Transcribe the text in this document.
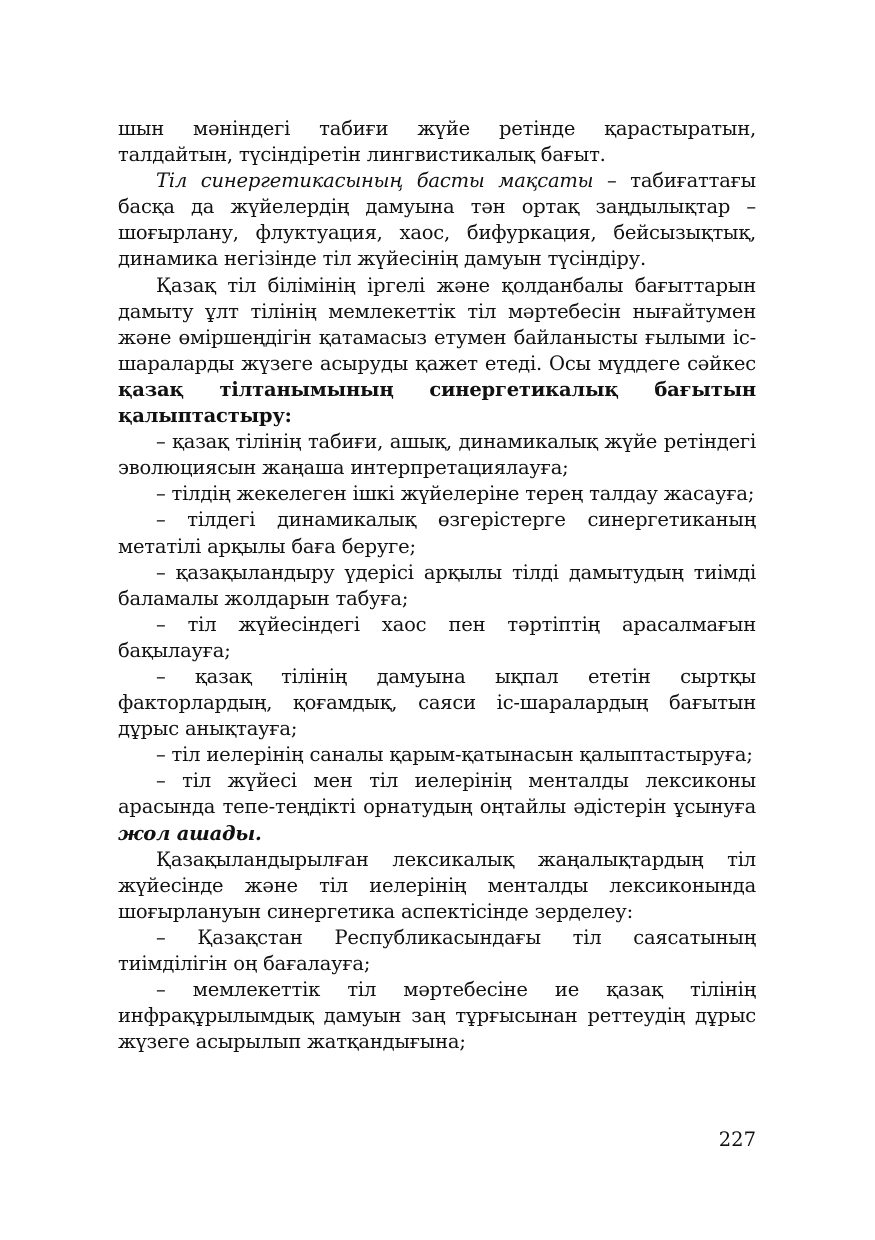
шын мәніндегі табиғи жүйе ретінде қарастыратын, талдайтын, түсіндіретін лингвистикалық бағыт.

Тіл синергетикасының басты мақсаты – табиғаттағы басқа да жүйелердің дамуына тән ортақ заңдылықтар – шоғырлану, флуктуация, хаос, бифуркация, бейсызықтық, динамика негізінде тіл жүйесінің дамуын түсіндіру.

Қазақ тіл білімінің іргелі және қолданбалы бағыттарын дамыту ұлт тілінің мемлекеттік тіл мәртебесін нығайтумен және өміршеңдігін қатамасыз етумен байланысты ғылыми іс-шараларды жүзеге асыруды қажет етеді. Осы мүддеге сәйкес қазақ тілтанымының синергетикалық бағытын қалыптастыру:

– қазақ тілінің табиғи, ашық, динамикалық жүйе ретіндегі эволюциясын жаңаша интерпретациялауға;

– тілдің жекелеген ішкі жүйелеріне терең талдау жасауға;

– тілдегі динамикалық өзгерістерге синергетиканың метатілі арқылы баға беруге;

– қазақыландыру үдерісі арқылы тілді дамытудың тиімді баламалы жолдарын табуға;

– тіл жүйесіндегі хаос пен тәртіптің арасалмағын бақылауға;

– қазақ тілінің дамуына ықпал ететін сыртқы факторлардың, қоғамдық, саяси іс-шаралардың бағытын дұрыс анықтауға;

– тіл иелерінің саналы қарым-қатынасын қалыптастыруға;

– тіл жүйесі мен тіл иелерінің менталды лексиконы арасында тепе-теңдікті орнатудың оңтайлы әдістерін ұсынуға жол ашады.

Қазақыландырылған лексикалық жаңалықтардың тіл жүйесінде және тіл иелерінің менталды лексиконында шоғырлануын синергетика аспектісінде зерделеу:

– Қазақстан Республикасындағы тіл саясатының тиімділігін оң бағалауға;

– мемлекеттік тіл мәртебесіне ие қазақ тілінің инфрақұрылымдық дамуын заң тұрғысынан реттеудің дұрыс жүзеге асырылып жатқандығына;

227
